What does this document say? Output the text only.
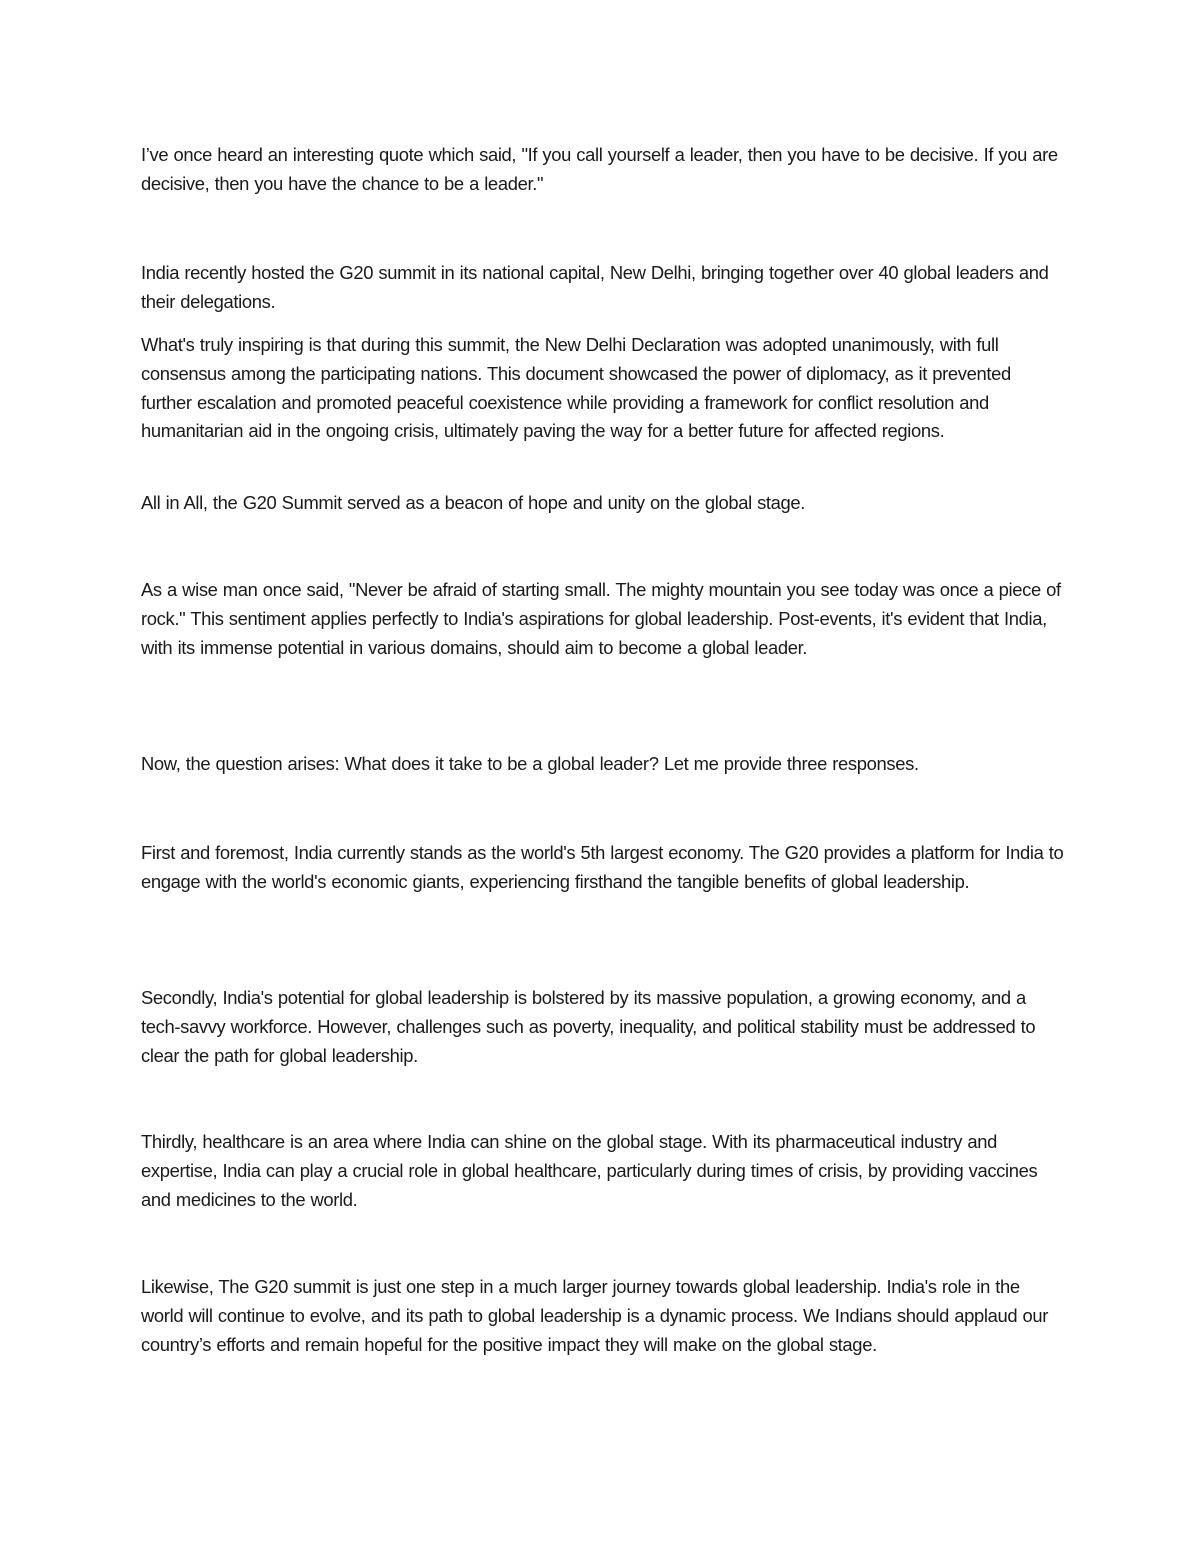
I’ve once heard an interesting quote which said, "If you call yourself a leader, then you have to be decisive. If you are decisive, then you have the chance to be a leader."

India recently hosted the G20 summit in its national capital, New Delhi, bringing together over 40 global leaders and their delegations.

What's truly inspiring is that during this summit, the New Delhi Declaration was adopted unanimously, with full consensus among the participating nations. This document showcased the power of diplomacy, as it prevented further escalation and promoted peaceful coexistence while providing a framework for conflict resolution and humanitarian aid in the ongoing crisis, ultimately paving the way for a better future for affected regions.

All in All, the G20 Summit served as a beacon of hope and unity on the global stage.

As a wise man once said, "Never be afraid of starting small. The mighty mountain you see today was once a piece of rock." This sentiment applies perfectly to India's aspirations for global leadership. Post-events, it's evident that India, with its immense potential in various domains, should aim to become a global leader.

Now, the question arises: What does it take to be a global leader? Let me provide three responses.

First and foremost, India currently stands as the world's 5th largest economy. The G20 provides a platform for India to engage with the world's economic giants, experiencing firsthand the tangible benefits of global leadership.

Secondly, India's potential for global leadership is bolstered by its massive population, a growing economy, and a tech-savvy workforce. However, challenges such as poverty, inequality, and political stability must be addressed to clear the path for global leadership.

Thirdly, healthcare is an area where India can shine on the global stage. With its pharmaceutical industry and expertise, India can play a crucial role in global healthcare, particularly during times of crisis, by providing vaccines and medicines to the world.

Likewise, The G20 summit is just one step in a much larger journey towards global leadership. India's role in the world will continue to evolve, and its path to global leadership is a dynamic process. We Indians should applaud our country’s efforts and remain hopeful for the positive impact they will make on the global stage.
